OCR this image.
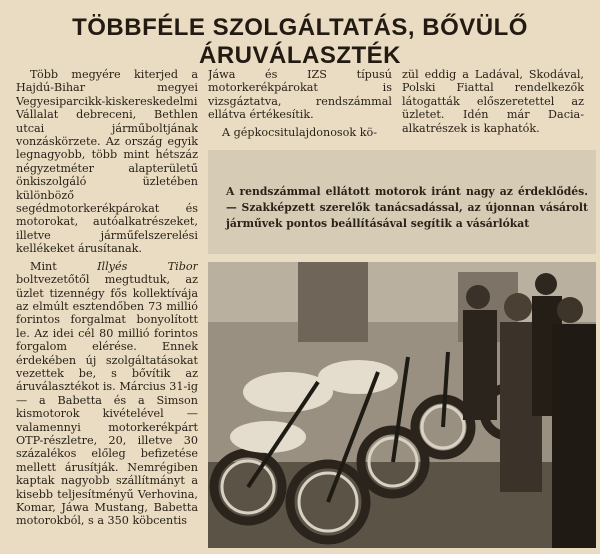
TÖBBFÉLE SZOLGÁLTATÁS, BŐVÜLŐ ÁRUVÁLASZTÉK

Több megyére kiterjed a Hajdú-Bihar megyei Vegyesiparcikk-kiskereskedelmi Vállalat debreceni, Bethlen utcai járműboltjának vonzáskörzete. Az ország egyik legnagyobb, több mint hétszáz négyzetméter alapterületű önkiszolgáló üzletében különböző segédmotorkerékpárokat és motorokat, autóalkatrészeket, illetve járműfelszerelési kellékeket árusítanak.

Mint Illyés Tibor boltvezetőtől megtudtuk, az üzlet tizennégy fős kollektívája az elmúlt esztendőben 73 millió forintos forgalmat bonyolított le. Az idei cél 80 millió forintos forgalom elérése. Ennek érdekében új szolgáltatásokat vezettek be, s bővítik az áruválasztékot is. Március 31-ig — a Babetta és a Simson kismotorok kivételével — valamennyi motorkerékpárt OTP-részletre, 20, illetve 30 százalékos előleg befizetése mellett árusítják. Nemrégiben kaptak nagyobb szállítmányt a kisebb teljesítményű Verhovina, Komar, Jáwa Mustang, Babetta motorokból, s a 350 köbcentis

Jáwa és IZS típusú motorkerékpárokat is vizsgáztatva, rendszámmal ellátva értékesítik.

A gépkocsitulajdonosok kö-

zül eddig a Ladával, Skodával, Polski Fiattal rendelkezők látogatták előszeretettel az üzletet. Idén már Dacia-alkatrészek is kaphatók.

A rendszámmal ellátott motorok iránt nagy az érdeklődés. — Szakképzett szerelők tanácsadással, az újonnan vásárolt járművek pontos beállításával segítik a vásárlókat
